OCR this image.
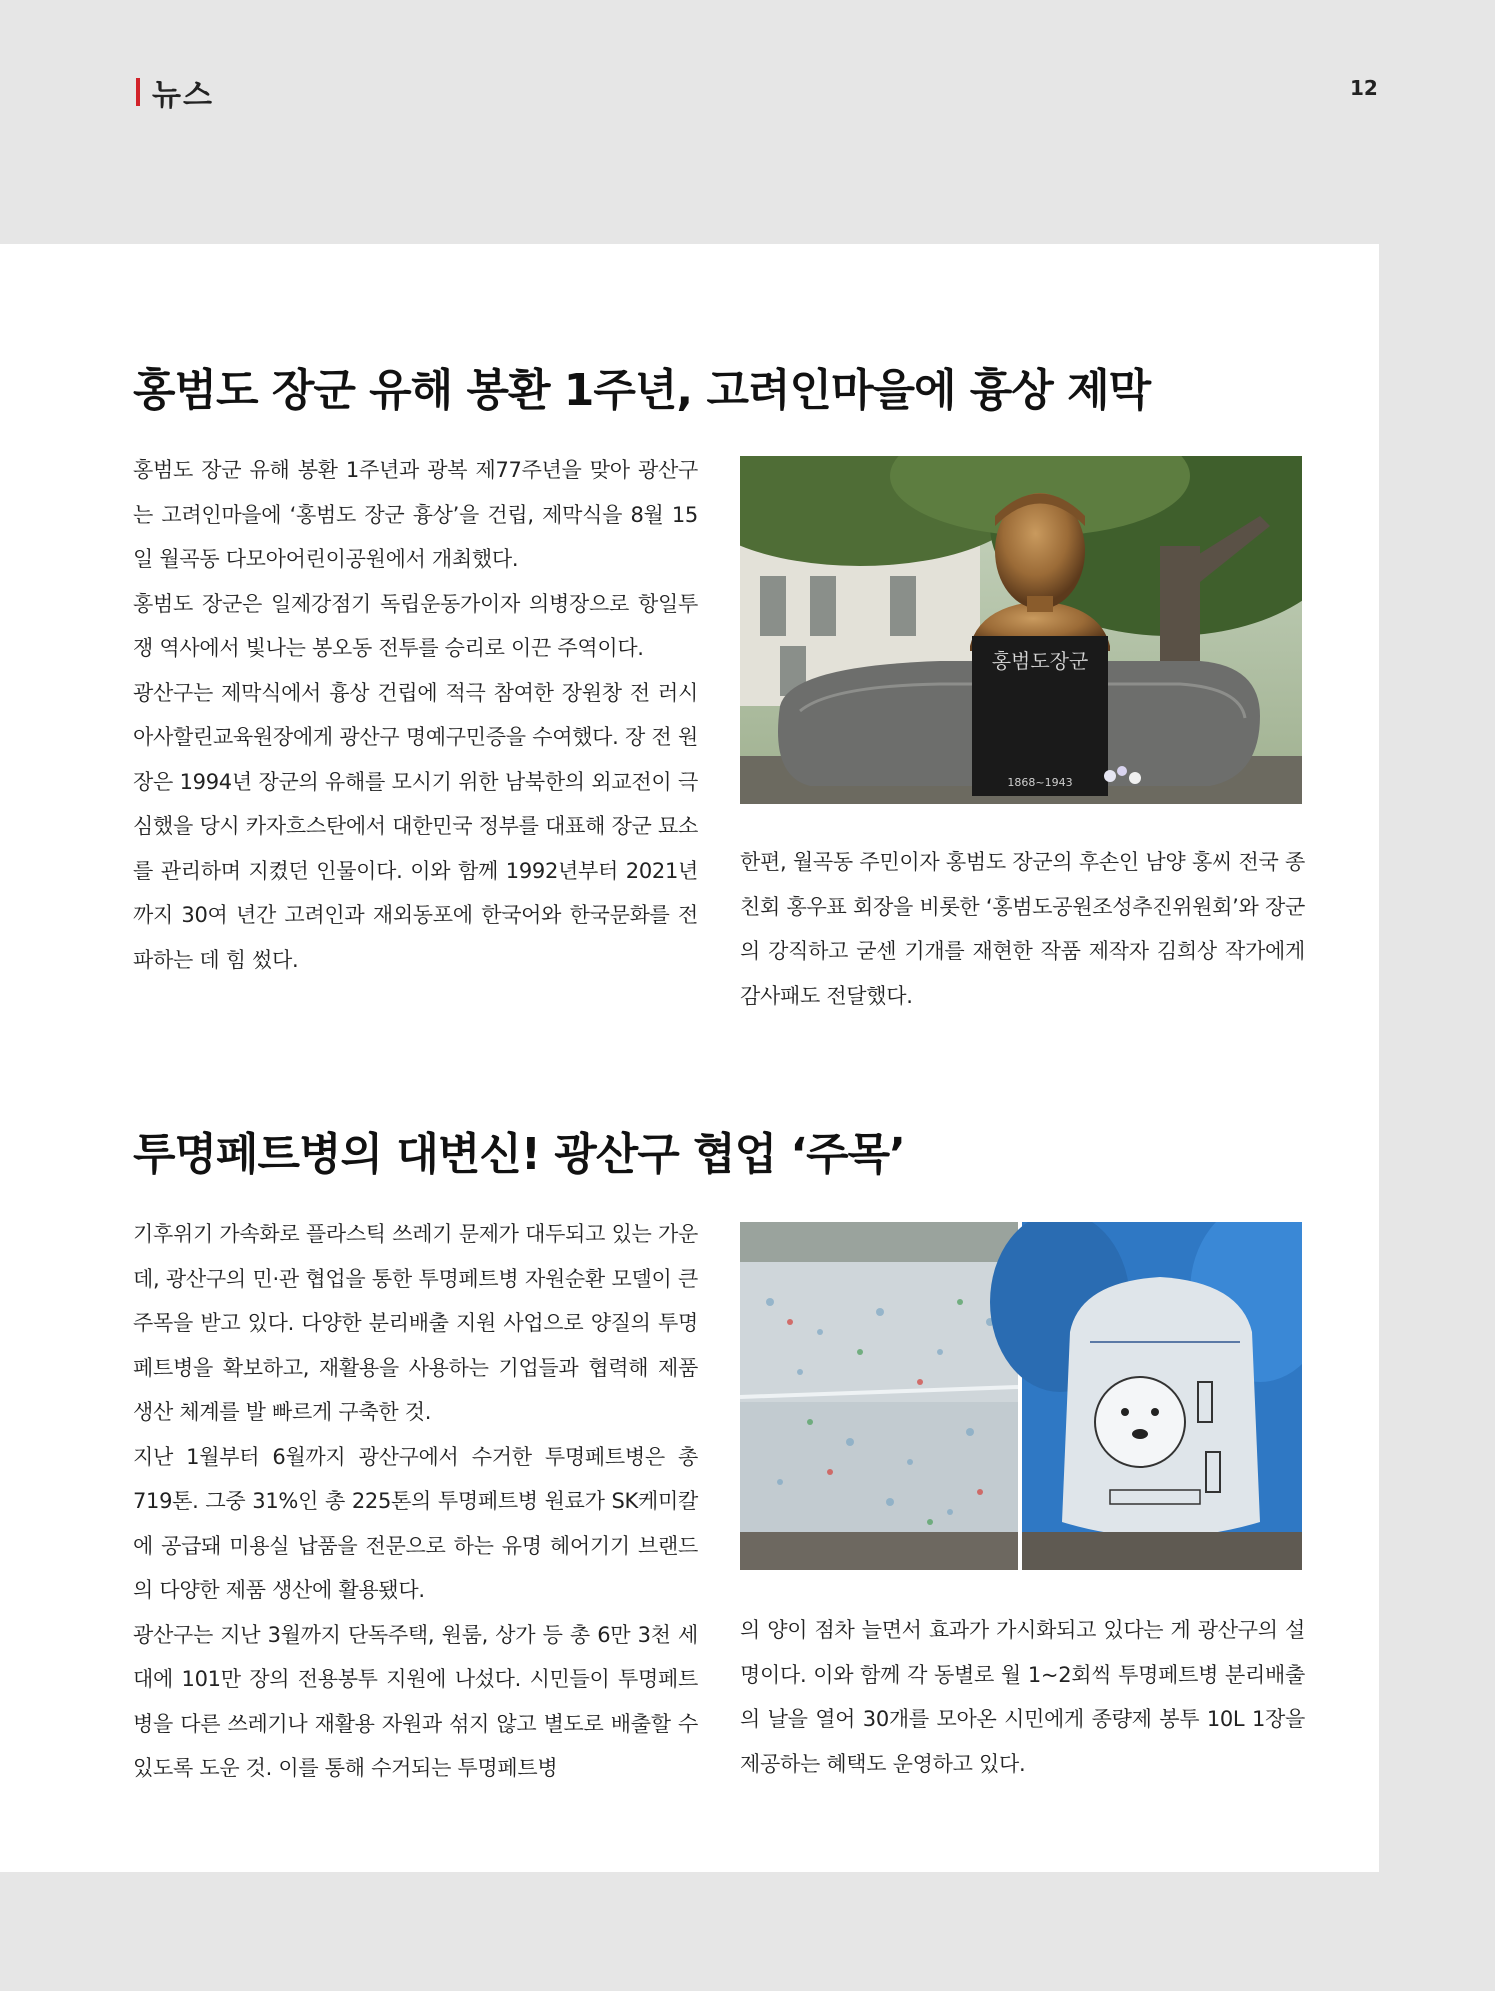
뉴스	12
홍범도 장군 유해 봉환 1주년, 고려인마을에 흉상 제막

홍범도 장군 유해 봉환 1주년과 광복 제77주년을 맞아 광산구는 고려인마을에 ‘홍범도 장군 흉상’을 건립, 제막식을 8월 15일 월곡동 다모아어린이공원에서 개최했다.

홍범도 장군은 일제강점기 독립운동가이자 의병장으로 항일투쟁 역사에서 빛나는 봉오동 전투를 승리로 이끈 주역이다.

광산구는 제막식에서 흉상 건립에 적극 참여한 장원창 전 러시아사할린교육원장에게 광산구 명예구민증을 수여했다. 장 전 원장은 1994년 장군의 유해를 모시기 위한 남북한의 외교전이 극심했을 당시 카자흐스탄에서 대한민국 정부를 대표해 장군 묘소를 관리하며 지켰던 인물이다. 이와 함께 1992년부터 2021년까지 30여 년간 고려인과 재외동포에 한국어와 한국문화를 전파하는 데 힘 썼다.

홍범도장군
1868~1943

한편, 월곡동 주민이자 홍범도 장군의 후손인 남양 홍씨 전국 종친회 홍우표 회장을 비롯한 ‘홍범도공원조성추진위원회’와 장군의 강직하고 굳센 기개를 재현한 작품 제작자 김희상 작가에게 감사패도 전달했다.

투명페트병의 대변신! 광산구 협업 ‘주목’

기후위기 가속화로 플라스틱 쓰레기 문제가 대두되고 있는 가운데, 광산구의 민·관 협업을 통한 투명페트병 자원순환 모델이 큰 주목을 받고 있다. 다양한 분리배출 지원 사업으로 양질의 투명페트병을 확보하고, 재활용을 사용하는 기업들과 협력해 제품 생산 체계를 발 빠르게 구축한 것.

지난 1월부터 6월까지 광산구에서 수거한 투명페트병은 총 719톤. 그중 31%인 총 225톤의 투명페트병 원료가 SK케미칼에 공급돼 미용실 납품을 전문으로 하는 유명 헤어기기 브랜드의 다양한 제품 생산에 활용됐다.

광산구는 지난 3월까지 단독주택, 원룸, 상가 등 총 6만 3천 세대에 101만 장의 전용봉투 지원에 나섰다. 시민들이 투명페트병을 다른 쓰레기나 재활용 자원과 섞지 않고 별도로 배출할 수 있도록 도운 것. 이를 통해 수거되는 투명페트병

의 양이 점차 늘면서 효과가 가시화되고 있다는 게 광산구의 설명이다. 이와 함께 각 동별로 월 1~2회씩 투명페트병 분리배출의 날을 열어 30개를 모아온 시민에게 종량제 봉투 10L 1장을 제공하는 혜택도 운영하고 있다.
